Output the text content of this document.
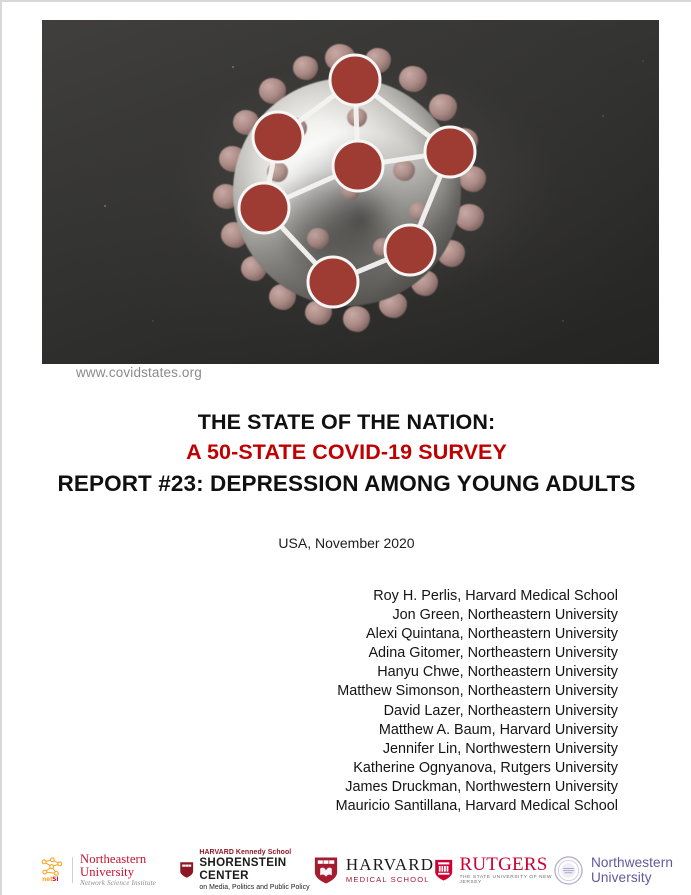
www.covidstates.org
THE STATE OF THE NATION:
A 50-STATE COVID-19 SURVEY
REPORT #23: DEPRESSION AMONG YOUNG ADULTS
USA, November 2020
Roy H. Perlis, Harvard Medical School
Jon Green, Northeastern University
Alexi Quintana, Northeastern University
Adina Gitomer, Northeastern University
Hanyu Chwe, Northeastern University
Matthew Simonson, Northeastern University
David Lazer, Northeastern University
Matthew A. Baum, Harvard University
Jennifer Lin, Northwestern University
Katherine Ognyanova, Rutgers University
James Druckman, Northwestern University
Mauricio Santillana, Harvard Medical School
net SI
Northeastern University
Network Science Institute
HARVARD Kennedy School
SHORENSTEIN CENTER
on Media, Politics and Public Policy
HARVARD
MEDICAL SCHOOL
RUTGERS
THE STATE UNIVERSITY OF NEW JERSEY
Northwestern
University
